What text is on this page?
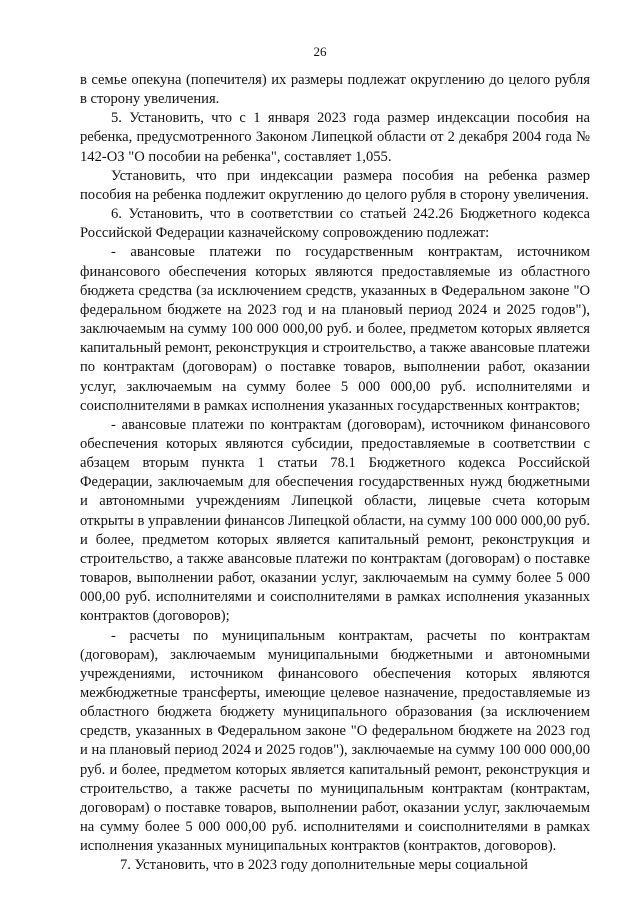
26

в семье опекуна (попечителя) их размеры подлежат округлению до целого рубля в сторону увеличения.

5. Установить, что с 1 января 2023 года размер индексации пособия на ребенка, предусмотренного Законом Липецкой области от 2 декабря 2004 года № 142-ОЗ "О пособии на ребенка", составляет 1,055.

Установить, что при индексации размера пособия на ребенка размер пособия на ребенка подлежит округлению до целого рубля в сторону увеличения.

6. Установить, что в соответствии со статьей 242.26 Бюджетного кодекса Российской Федерации казначейскому сопровождению подлежат:

- авансовые платежи по государственным контрактам, источником финансового обеспечения которых являются предоставляемые из областного бюджета средства (за исключением средств, указанных в Федеральном законе "О федеральном бюджете на 2023 год и на плановый период 2024 и 2025 годов"), заключаемым на сумму 100 000 000,00 руб. и более, предметом которых является капитальный ремонт, реконструкция и строительство, а также авансовые платежи по контрактам (договорам) о поставке товаров, выполнении работ, оказании услуг, заключаемым на сумму более 5 000 000,00 руб. исполнителями и соисполнителями в рамках исполнения указанных государственных контрактов;

- авансовые платежи по контрактам (договорам), источником финансового обеспечения которых являются субсидии, предоставляемые в соответствии с абзацем вторым пункта 1 статьи 78.1 Бюджетного кодекса Российской Федерации, заключаемым для обеспечения государственных нужд бюджетными и автономными учреждениям Липецкой области, лицевые счета которым открыты в управлении финансов Липецкой области, на сумму 100 000 000,00 руб. и более, предметом которых является капитальный ремонт, реконструкция и строительство, а также авансовые платежи по контрактам (договорам) о поставке товаров, выполнении работ, оказании услуг, заключаемым на сумму более 5 000 000,00 руб. исполнителями и соисполнителями в рамках исполнения указанных контрактов (договоров);

- расчеты по муниципальным контрактам, расчеты по контрактам (договорам), заключаемым муниципальными бюджетными и автономными учреждениями, источником финансового обеспечения которых являются межбюджетные трансферты, имеющие целевое назначение, предоставляемые из областного бюджета бюджету муниципального образования (за исключением средств, указанных в Федеральном законе "О федеральном бюджете на 2023 год и на плановый период 2024 и 2025 годов"), заключаемые на сумму 100 000 000,00 руб. и более, предметом которых является капитальный ремонт, реконструкция и строительство, а также расчеты по муниципальным контрактам (контрактам, договорам) о поставке товаров, выполнении работ, оказании услуг, заключаемым на сумму более 5 000 000,00 руб. исполнителями и соисполнителями в рамках исполнения указанных муниципальных контрактов (контрактов, договоров).

7. Установить, что в 2023 году дополнительные меры социальной
